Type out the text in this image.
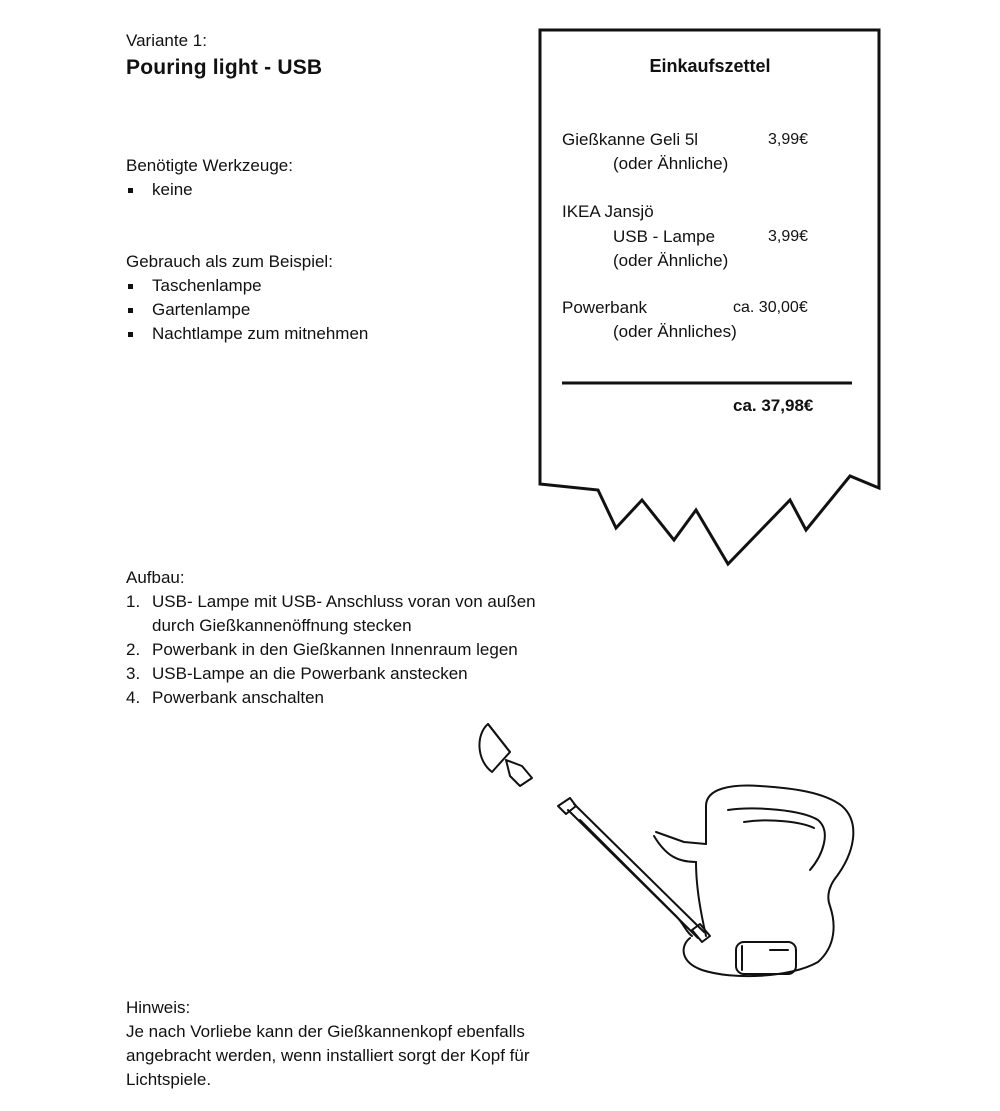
Variante 1:
Pouring light - USB
Benötigte Werkzeuge:
keine
Gebrauch als zum Beispiel:
Taschenlampe
Gartenlampe
Nachtlampe zum mitnehmen
Einkaufszettel
Gießkanne Geli 5l	3,99€
(oder Ähnliche)
IKEA Jansjö
USB - Lampe	3,99€
(oder Ähnliche)
Powerbank	ca. 30,00€
(oder Ähnliches)
ca. 37,98€
Aufbau:
1. USB- Lampe mit USB- Anschluss voran von außen
durch Gießkannenöffnung stecken
2. Powerbank in den Gießkannen Innenraum legen
3. USB-Lampe an die Powerbank anstecken
4. Powerbank anschalten
Hinweis:
Je nach Vorliebe kann der Gießkannenkopf ebenfalls
angebracht werden, wenn installiert sorgt der Kopf für
Lichtspiele.
